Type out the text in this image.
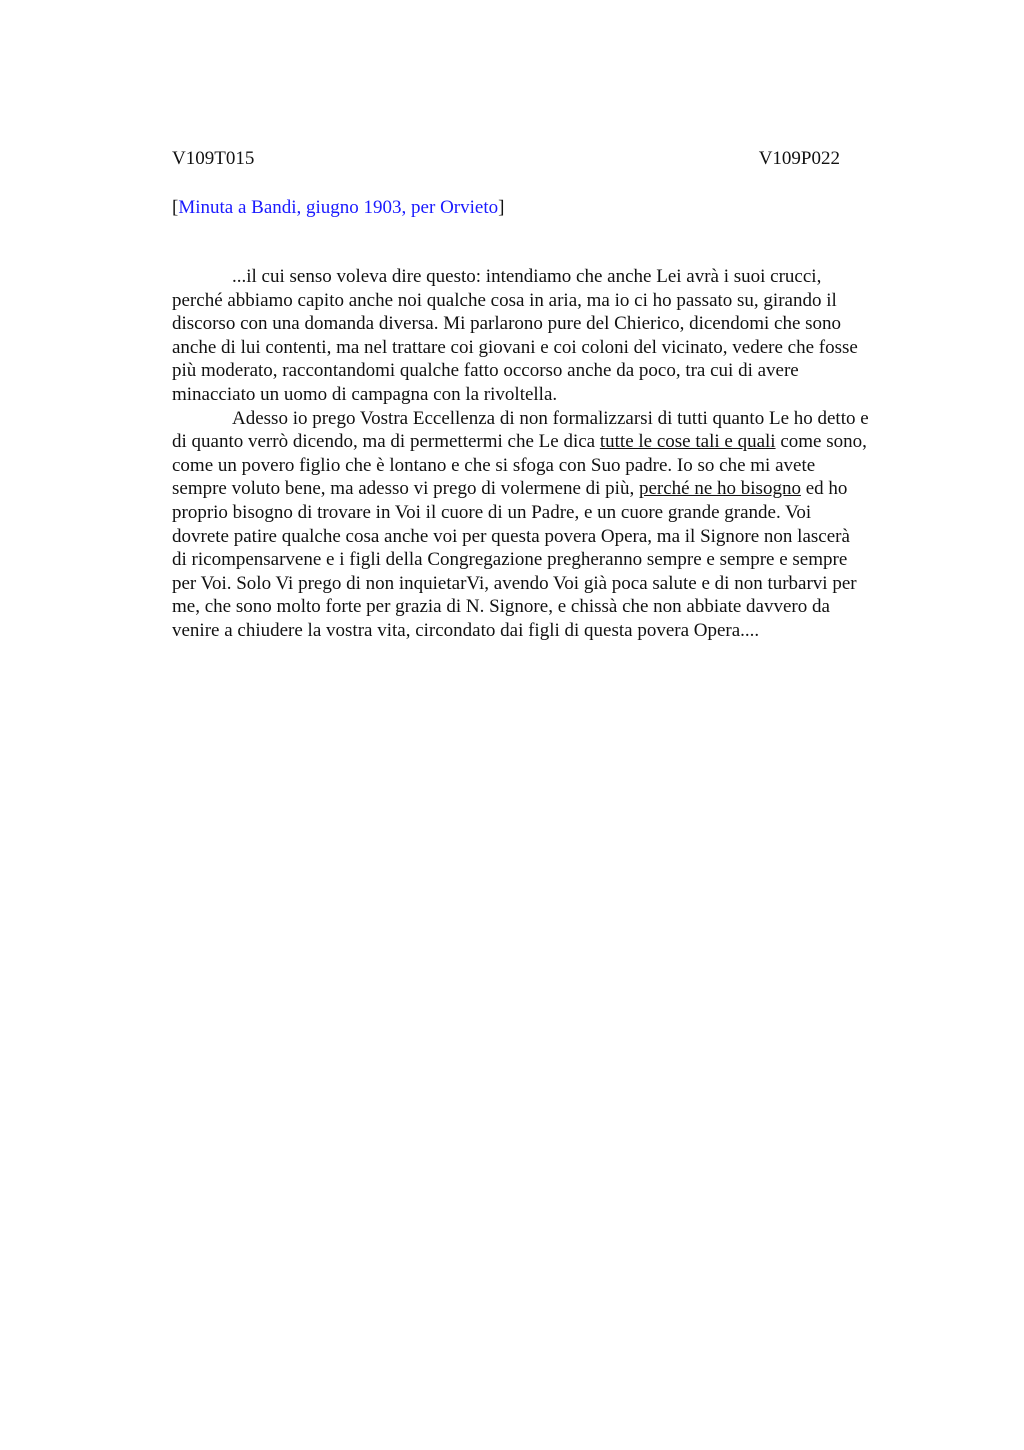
V109T015	V109P022
[Minuta a Bandi, giugno 1903, per Orvieto]
...il cui senso voleva dire questo: intendiamo che anche Lei avrà i suoi crucci,
perché abbiamo capito anche noi qualche cosa in aria, ma io ci ho passato su, girando il
discorso con una domanda diversa. Mi parlarono pure del Chierico, dicendomi che sono
anche di lui contenti, ma nel trattare coi giovani e coi coloni del vicinato, vedere che fosse
più moderato, raccontandomi qualche fatto occorso anche da poco, tra cui di avere
minacciato un uomo di campagna con la rivoltella.
Adesso io prego Vostra Eccellenza di non formalizzarsi di tutti quanto Le ho detto e
di quanto verrò dicendo, ma di permettermi che Le dica tutte le cose tali e quali come sono,
come un povero figlio che è lontano e che si sfoga con Suo padre. Io so che mi avete
sempre voluto bene, ma adesso vi prego di volermene di più, perché ne ho bisogno ed ho
proprio bisogno di trovare in Voi il cuore di un Padre, e un cuore grande grande. Voi
dovrete patire qualche cosa anche voi per questa povera Opera, ma il Signore non lascerà
di ricompensarvene e i figli della Congregazione pregheranno sempre e sempre e sempre
per Voi. Solo Vi prego di non inquietarVi, avendo Voi già poca salute e di non turbarvi per
me, che sono molto forte per grazia di N. Signore, e chissà che non abbiate davvero da
venire a chiudere la vostra vita, circondato dai figli di questa povera Opera....
